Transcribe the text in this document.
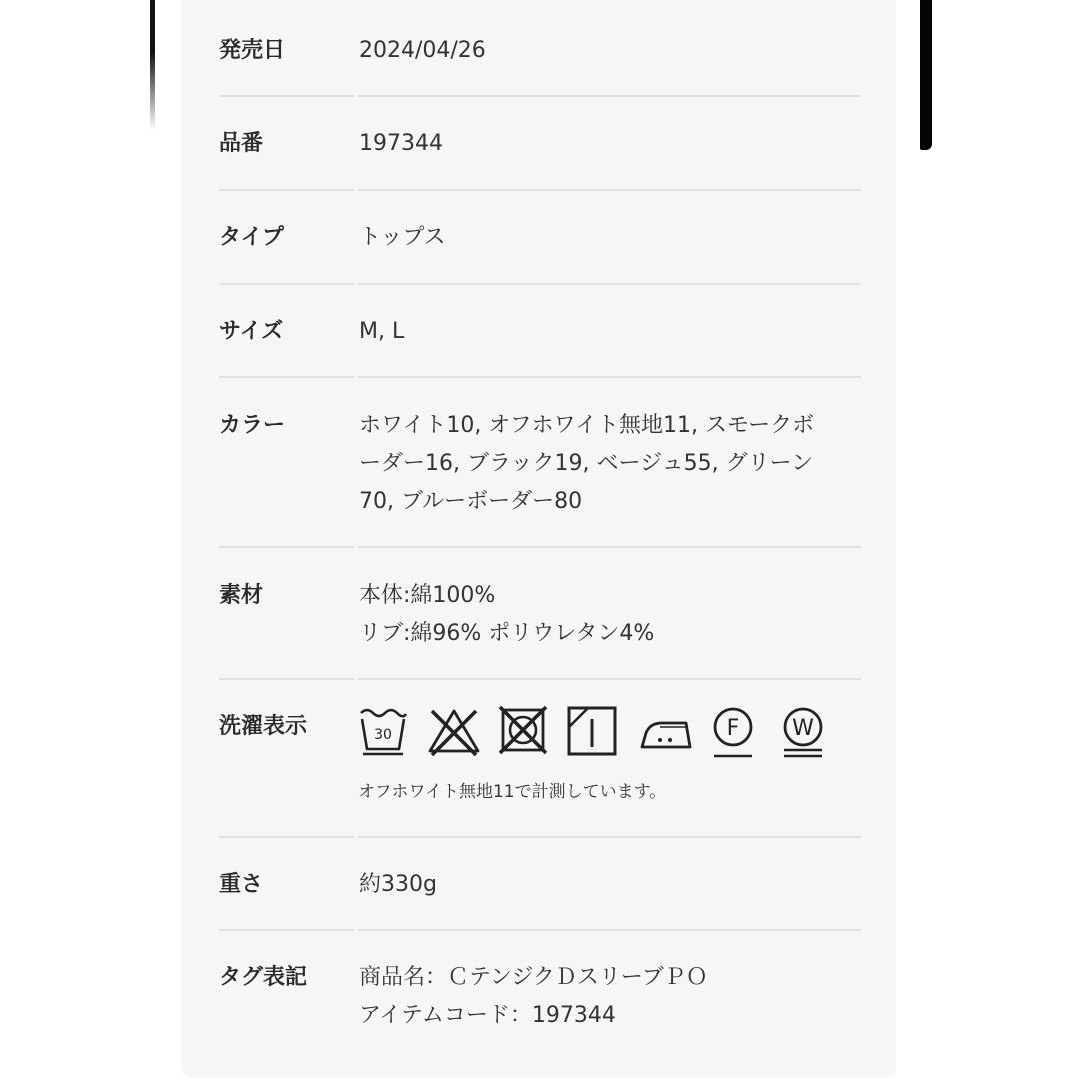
発売日	2024/04/26
品番	197344
タイプ	トップス
サイズ	M, L
カラー	ホワイト10, オフホワイト無地11, スモークボ
ーダー16, ブラック19, ベージュ55, グリーン
70, ブルーボーダー80
素材	本体:綿100%
リブ:綿96% ポリウレタン4%
洗濯表示	30	F W
オフホワイト無地11で計測しています。
重さ	約330g
タグ表記	商品名：ＣテンジクＤスリーブＰＯ
アイテムコード：197344
